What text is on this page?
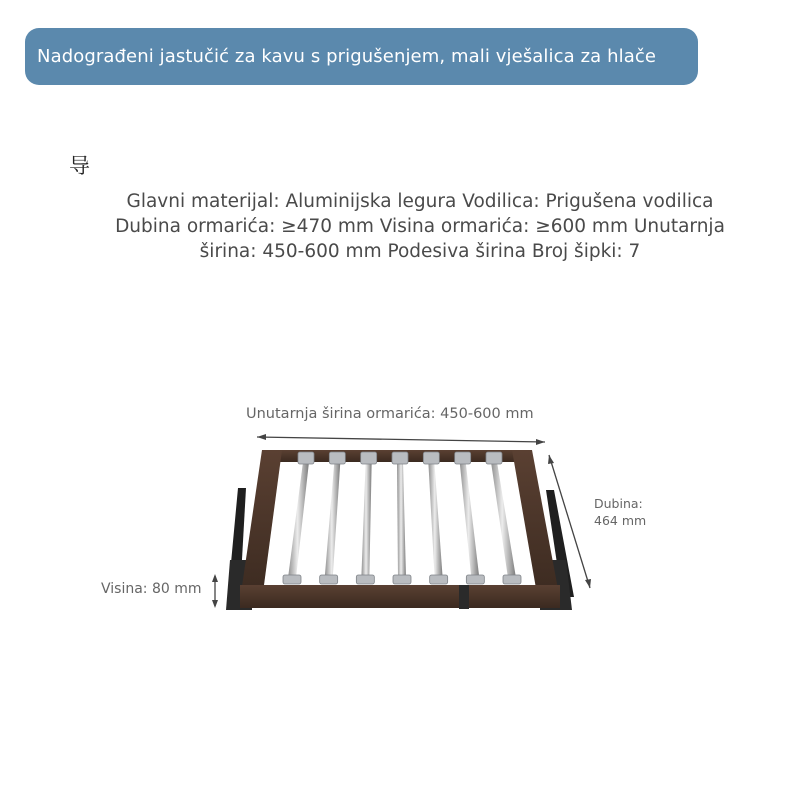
Nadograđeni jastučić za kavu s prigušenjem, mali vješalica za hlače
导
Glavni materijal: Aluminijska legura Vodilica: Prigušena vodilica
Dubina ormarića: ≥470 mm Visina ormarića: ≥600 mm Unutarnja
širina: 450-600 mm Podesiva širina Broj šipki: 7
Unutarnja širina ormarića: 450-600 mm
Dubina:
464 mm
Visina: 80 mm
